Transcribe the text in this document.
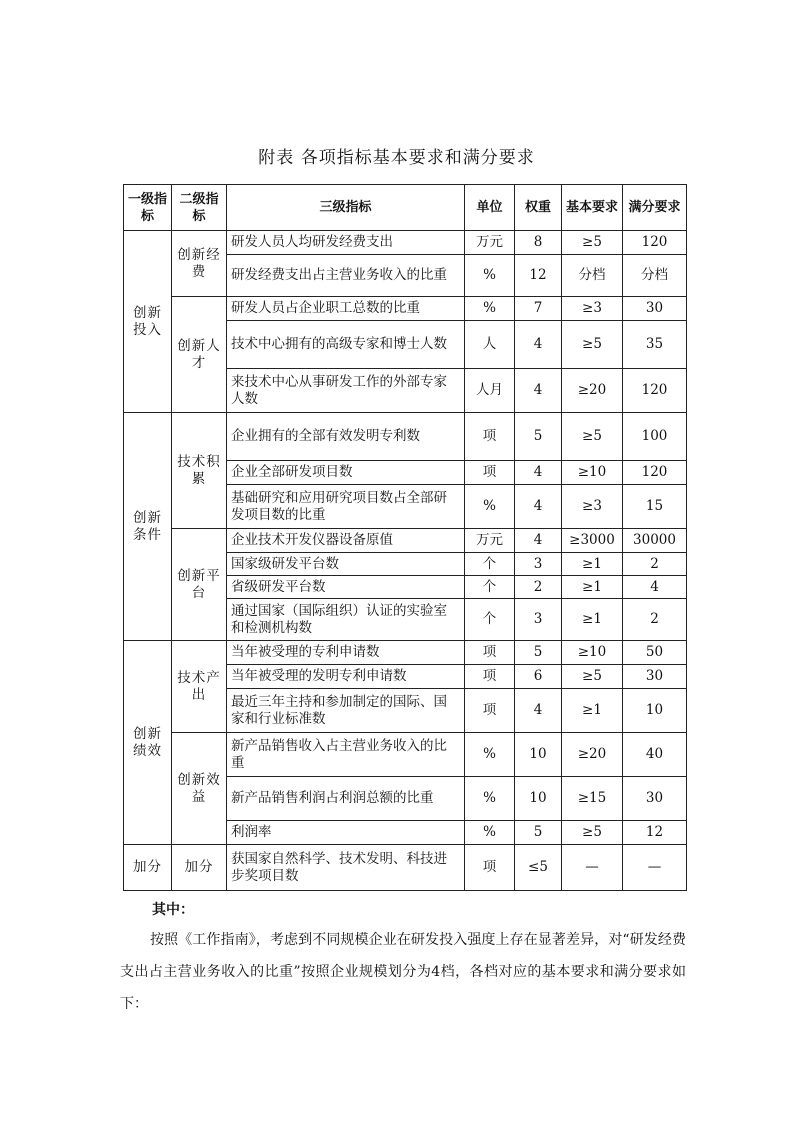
附表 各项指标基本要求和满分要求
一级指标	二级指标	三级指标	单位	权重	基本要求	满分要求
创新投入	创新经费	研发人员人均研发经费支出	万元	8	≥5	120
		研发经费支出占主营业务收入的比重	%	12	分档	分档
	创新人才	研发人员占企业职工总数的比重	%	7	≥3	30
		技术中心拥有的高级专家和博士人数	人	4	≥5	35
		来技术中心从事研发工作的外部专家人数	人月	4	≥20	120
创新条件	技术积累	企业拥有的全部有效发明专利数	项	5	≥5	100
		企业全部研发项目数	项	4	≥10	120
		基础研究和应用研究项目数占全部研发项目数的比重	%	4	≥3	15
	创新平台	企业技术开发仪器设备原值	万元	4	≥3000	30000
		国家级研发平台数	个	3	≥1	2
		省级研发平台数	个	2	≥1	4
		通过国家（国际组织）认证的实验室和检测机构数	个	3	≥1	2
创新绩效	技术产出	当年被受理的专利申请数	项	5	≥10	50
		当年被受理的发明专利申请数	项	6	≥5	30
		最近三年主持和参加制定的国际、国家和行业标准数	项	4	≥1	10
	创新效益	新产品销售收入占主营业务收入的比重	%	10	≥20	40
		新产品销售利润占利润总额的比重	%	10	≥15	30
		利润率	%	5	≥5	12
加分	加分	获国家自然科学、技术发明、科技进步奖项目数	项	≤5	—	—
其中：
按照《工作指南》，考虑到不同规模企业在研发投入强度上存在显著差异，对“研发经费支出占主营业务收入的比重”按照企业规模划分为4档，各档对应的基本要求和满分要求如下：
